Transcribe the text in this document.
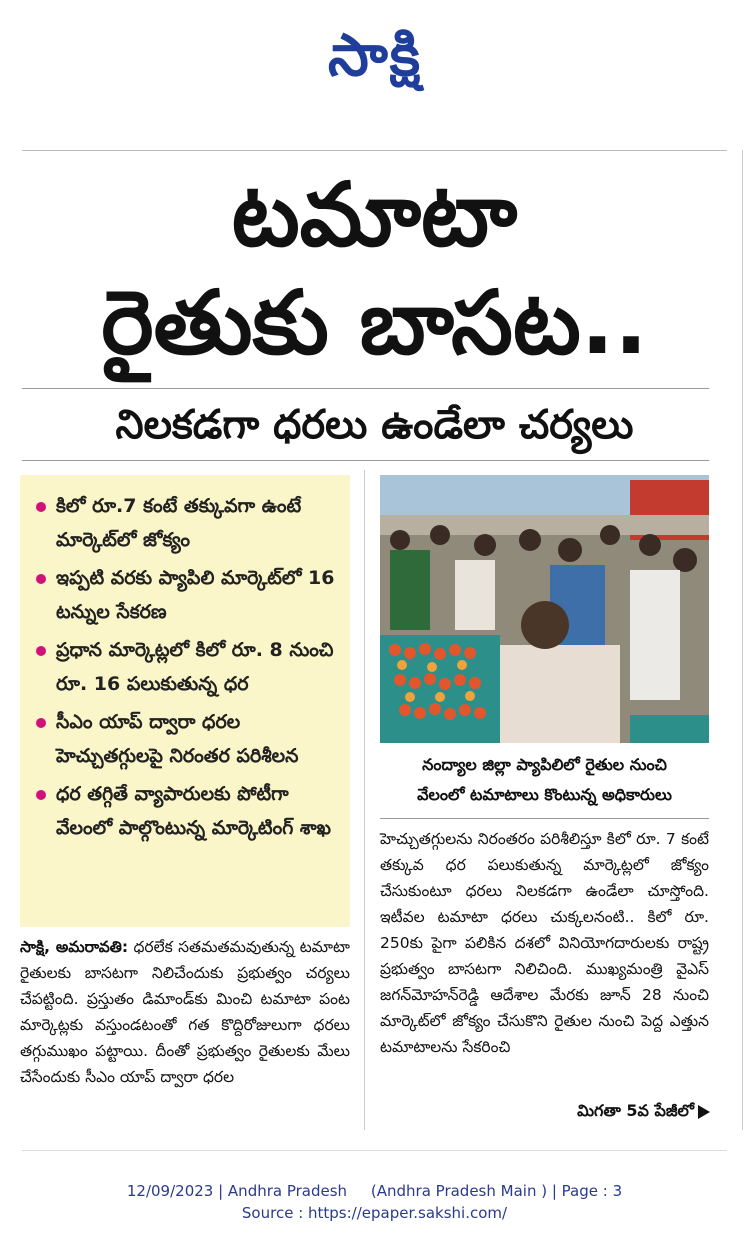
సాక్షి
టమాటా
రైతుకు బాసట..
నిలకడగా ధరలు ఉండేలా చర్యలు
కిలో రూ.7 కంటే తక్కువగా ఉంటే మార్కెట్‌లో జోక్యం
ఇప్పటి వరకు ప్యాపిలి మార్కెట్‌లో 16 టన్నుల సేకరణ
ప్రధాన మార్కెట్లలో కిలో రూ. 8 నుంచి రూ. 16 పలుకుతున్న ధర
సీఎం యాప్ ద్వారా ధరల హెచ్చుతగ్గులపై నిరంతర పరిశీలన
ధర తగ్గితే వ్యాపారులకు పోటీగా వేలంలో పాల్గొంటున్న మార్కెటింగ్ శాఖ
నంద్యాల జిల్లా ప్యాపిలిలో రైతుల నుంచి
వేలంలో టమాటాలు కొంటున్న అధికారులు

సాక్షి, అమరావతి: ధరలేక సతమతమవుతున్న టమాటా రైతులకు బాసటగా నిలిచేందుకు ప్రభుత్వం చర్యలు చేపట్టింది. ప్రస్తుతం డిమాండ్‌కు మించి టమాటా పంట మార్కెట్లకు వస్తుండటంతో గత కొద్దిరోజులుగా ధరలు తగ్గుముఖం పట్టాయి. దీంతో ప్రభుత్వం రైతులకు మేలు చేసేందుకు సీఎం యాప్ ద్వారా ధరల

హెచ్చుతగ్గులను నిరంతరం పరిశీలిస్తూ కిలో రూ. 7 కంటే తక్కువ ధర పలుకుతున్న మార్కెట్లలో జోక్యం చేసుకుంటూ ధరలు నిలకడగా ఉండేలా చూస్తోంది. ఇటీవల టమాటా ధరలు చుక్కలనంటి.. కిలో రూ. 250కు పైగా పలికిన దశలో వినియోగదారులకు రాష్ట్ర ప్రభుత్వం బాసటగా నిలిచింది. ముఖ్యమంత్రి వైఎస్ జగన్‌మోహన్‌రెడ్డి ఆదేశాల మేరకు జూన్ 28 నుంచి మార్కెట్‌లో జోక్యం చేసుకొని రైతుల నుంచి పెద్ద ఎత్తున టమాటాలను సేకరించి

మిగతా 5వ పేజీలో
12/09/2023 | Andhra Pradesh     (Andhra Pradesh Main ) | Page : 3
Source : https://epaper.sakshi.com/
